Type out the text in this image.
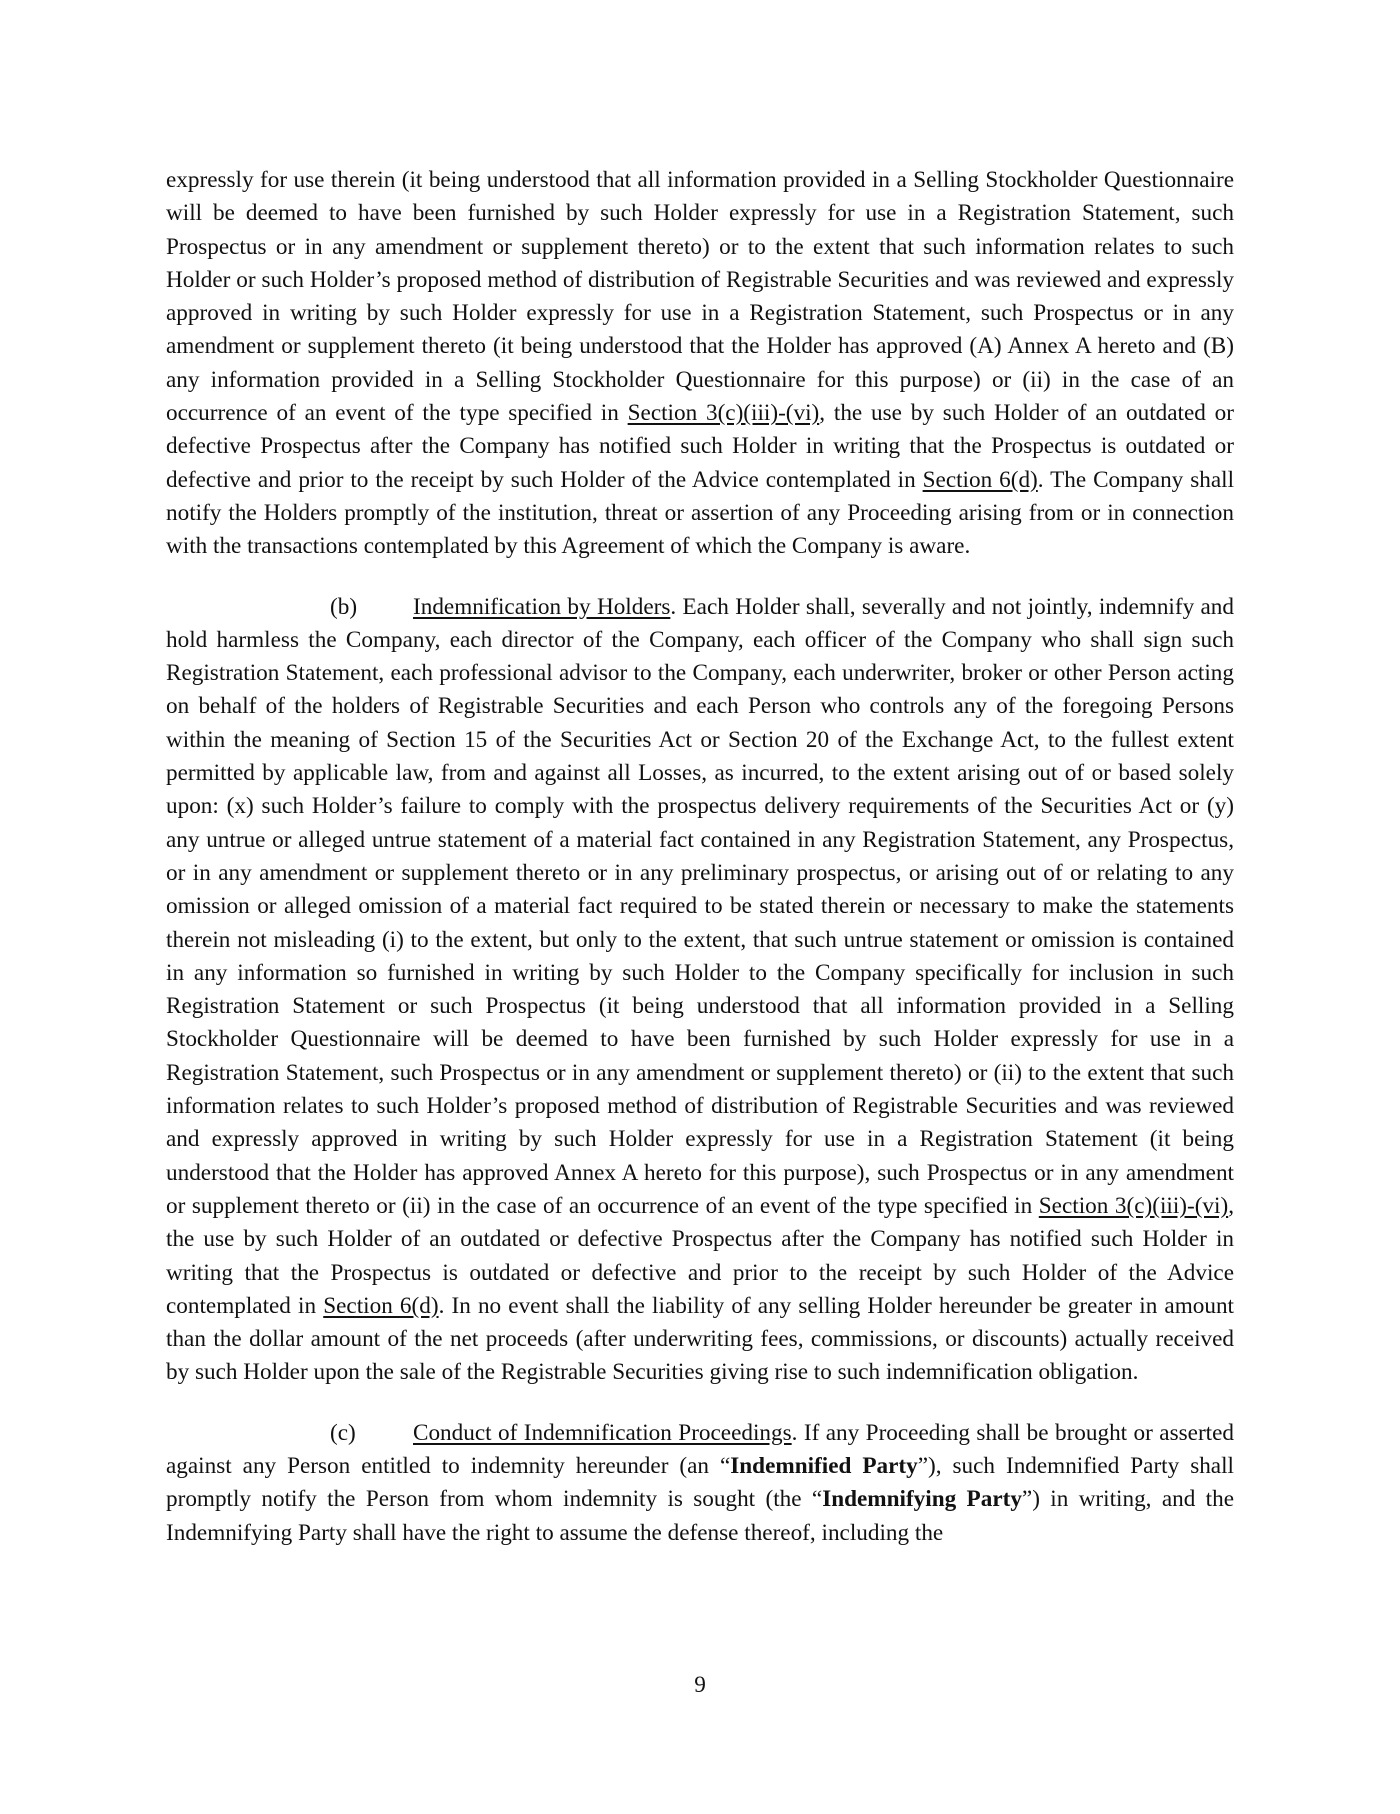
expressly for use therein (it being understood that all information provided in a Selling Stockholder Questionnaire will be deemed to have been furnished by such Holder expressly for use in a Registration Statement, such Prospectus or in any amendment or supplement thereto) or to the extent that such information relates to such Holder or such Holder’s proposed method of distribution of Registrable Securities and was reviewed and expressly approved in writing by such Holder expressly for use in a Registration Statement, such Prospectus or in any amendment or supplement thereto (it being understood that the Holder has approved (A) Annex A hereto and (B) any information provided in a Selling Stockholder Questionnaire for this purpose) or (ii) in the case of an occurrence of an event of the type specified in Section 3(c)(iii)-(vi), the use by such Holder of an outdated or defective Prospectus after the Company has notified such Holder in writing that the Prospectus is outdated or defective and prior to the receipt by such Holder of the Advice contemplated in Section 6(d). The Company shall notify the Holders promptly of the institution, threat or assertion of any Proceeding arising from or in connection with the transactions contemplated by this Agreement of which the Company is aware.

(b) Indemnification by Holders. Each Holder shall, severally and not jointly, indemnify and hold harmless the Company, each director of the Company, each officer of the Company who shall sign such Registration Statement, each professional advisor to the Company, each underwriter, broker or other Person acting on behalf of the holders of Registrable Securities and each Person who controls any of the foregoing Persons within the meaning of Section 15 of the Securities Act or Section 20 of the Exchange Act, to the fullest extent permitted by applicable law, from and against all Losses, as incurred, to the extent arising out of or based solely upon: (x) such Holder’s failure to comply with the prospectus delivery requirements of the Securities Act or (y) any untrue or alleged untrue statement of a material fact contained in any Registration Statement, any Prospectus, or in any amendment or supplement thereto or in any preliminary prospectus, or arising out of or relating to any omission or alleged omission of a material fact required to be stated therein or necessary to make the statements therein not misleading (i) to the extent, but only to the extent, that such untrue statement or omission is contained in any information so furnished in writing by such Holder to the Company specifically for inclusion in such Registration Statement or such Prospectus (it being understood that all information provided in a Selling Stockholder Questionnaire will be deemed to have been furnished by such Holder expressly for use in a Registration Statement, such Prospectus or in any amendment or supplement thereto) or (ii) to the extent that such information relates to such Holder’s proposed method of distribution of Registrable Securities and was reviewed and expressly approved in writing by such Holder expressly for use in a Registration Statement (it being understood that the Holder has approved Annex A hereto for this purpose), such Prospectus or in any amendment or supplement thereto or (ii) in the case of an occurrence of an event of the type specified in Section 3(c)(iii)-(vi), the use by such Holder of an outdated or defective Prospectus after the Company has notified such Holder in writing that the Prospectus is outdated or defective and prior to the receipt by such Holder of the Advice contemplated in Section 6(d). In no event shall the liability of any selling Holder hereunder be greater in amount than the dollar amount of the net proceeds (after underwriting fees, commissions, or discounts) actually received by such Holder upon the sale of the Registrable Securities giving rise to such indemnification obligation.

(c) Conduct of Indemnification Proceedings. If any Proceeding shall be brought or asserted against any Person entitled to indemnity hereunder (an “Indemnified Party”), such Indemnified Party shall promptly notify the Person from whom indemnity is sought (the “Indemnifying Party”) in writing, and the Indemnifying Party shall have the right to assume the defense thereof, including the

9
